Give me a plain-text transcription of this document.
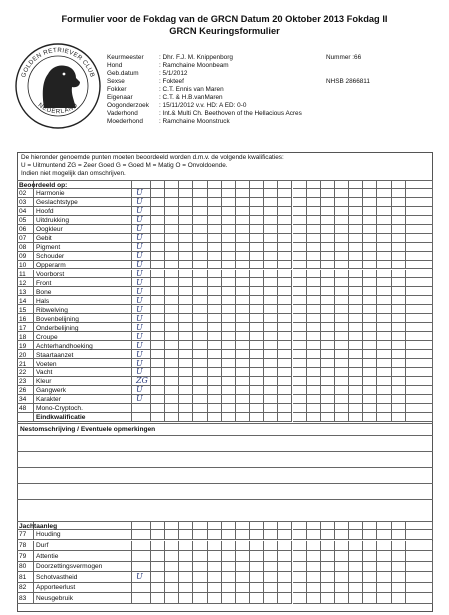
Formulier voor de Fokdag van de GRCN Datum 20 Oktober 2013 Fokdag II
GRCN Keuringsformulier
GOLDEN RETRIEVER CLUB
NEDERLAND
Keurmeester : Dhr. F.J. M. Knippenborg
Hond	: Ramchaine Moonbeam
Geb.datum	: 5/1/2012
Sexse	: Fokteef
Fokker	: C.T. Ennis van Maren
Eigenaar	: C.T. & H.B.vanMaren
Oogonderzoek : 15/11/2012 v.v. HD: A ED: 0-0
Vaderhond	: Int.& Multi Ch. Beethoven of the Hellacious Acres
Moederhond	: Ramchaine Moonstruck
Nummer :66
NHSB 2866811
De hieronder genoemde punten moeten beoordeeld worden d.m.v. de volgende kwalificaties:
U = Uitmuntend ZG = Zeer Goed G = Goed M = Matig O = Onvoldoende.
Indien niet mogelijk dan omschrijven.
Nestomschrijving / Eventuele opmerkingen
Beoordeeld op:
02 Harmonie	U
03 Geslachtstype	U
04 Hoofd	U
05 Uitdrukking	U
06 Oogkleur	U
07 Gebit	U
08 Pigment	U
09 Schouder	U
10 Opperarm	U
11 Voorborst	U
12 Front	U
13 Bone	U
14 Hals	U
15 Ribwelving	U
16 Bovenbelijning	U
17 Onderbelijning	U
18 Croupe	U
19 Achterhandhoeking	U
20 Staartaanzet	U
21 Voeten	U
22 Vacht	U
23 Kleur	ZG
26 Gangwerk	U
34 Karakter	U
48 Mono-Cryptoch.
Eindkwalificatie
Jachtaanleg
77 Houding
78 Durf
79 Attentie
80 Doorzettingsvermogen
81 Schotvastheid	U
82 Apporteerlust
83 Neusgebruik
